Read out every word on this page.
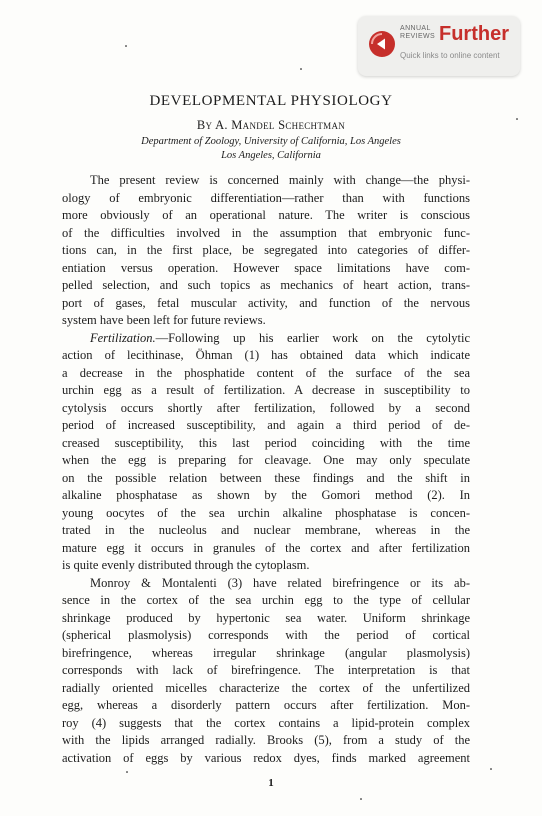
ANNUAL
REVIEWS Further
Quick links to online content
DEVELOPMENTAL PHYSIOLOGY
By A. Mandel Schechtman
Department of Zoology, University of California, Los Angeles
Los Angeles, California
The present review is concerned mainly with change—the physi-
ology of embryonic differentiation—rather than with functions
more obviously of an operational nature. The writer is conscious
of the difficulties involved in the assumption that embryonic func-
tions can, in the first place, be segregated into categories of differ-
entiation versus operation. However space limitations have com-
pelled selection, and such topics as mechanics of heart action, trans-
port of gases, fetal muscular activity, and function of the nervous
system have been left for future reviews.
Fertilization.—Following up his earlier work on the cytolytic
action of lecithinase, Öhman (1) has obtained data which indicate
a decrease in the phosphatide content of the surface of the sea
urchin egg as a result of fertilization. A decrease in susceptibility to
cytolysis occurs shortly after fertilization, followed by a second
period of increased susceptibility, and again a third period of de-
creased susceptibility, this last period coinciding with the time
when the egg is preparing for cleavage. One may only speculate
on the possible relation between these findings and the shift in
alkaline phosphatase as shown by the Gomori method (2). In
young oocytes of the sea urchin alkaline phosphatase is concen-
trated in the nucleolus and nuclear membrane, whereas in the
mature egg it occurs in granules of the cortex and after fertilization
is quite evenly distributed through the cytoplasm.
Monroy & Montalenti (3) have related birefringence or its ab-
sence in the cortex of the sea urchin egg to the type of cellular
shrinkage produced by hypertonic sea water. Uniform shrinkage
(spherical plasmolysis) corresponds with the period of cortical
birefringence, whereas irregular shrinkage (angular plasmolysis)
corresponds with lack of birefringence. The interpretation is that
radially oriented micelles characterize the cortex of the unfertilized
egg, whereas a disorderly pattern occurs after fertilization. Mon-
roy (4) suggests that the cortex contains a lipid-protein complex
with the lipids arranged radially. Brooks (5), from a study of the
activation of eggs by various redox dyes, finds marked agreement
1
